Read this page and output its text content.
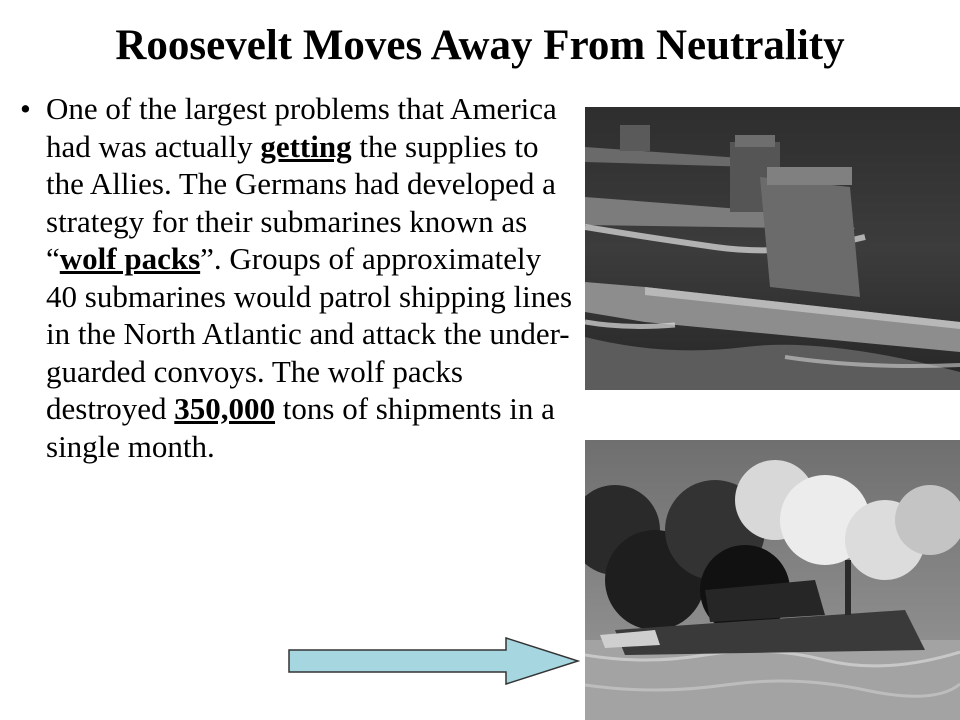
Roosevelt Moves Away From Neutrality
• One of the largest problems that America had was actually getting the supplies to the Allies. The Germans had developed a strategy for their submarines known as “wolf packs”. Groups of approximately 40 submarines would patrol shipping lines in the North Atlantic and attack the under-guarded convoys. The wolf packs destroyed 350,000 tons of shipments in a single month.
